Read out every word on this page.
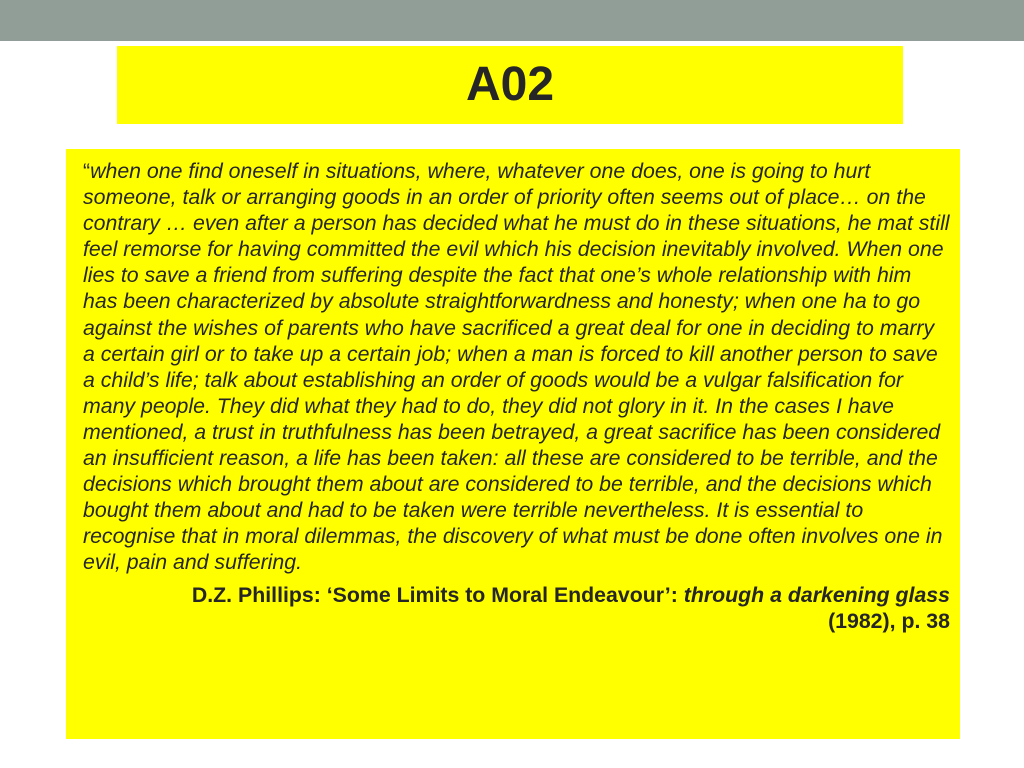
A02

“when one find oneself in situations, where, whatever one does, one is going to hurt someone, talk or arranging goods in an order of priority often seems out of place… on the contrary … even after a person has decided what he must do in these situations, he mat still feel remorse for having committed the evil which his decision inevitably involved. When one lies to save a friend from suffering despite the fact that one’s whole relationship with him has been characterized by absolute straightforwardness and honesty; when one ha to go against the wishes of parents who have sacrificed a great deal for one in deciding to marry a certain girl or to take up a certain job; when a man is forced to kill another person to save a child’s life; talk about establishing an order of goods would be a vulgar falsification for many people. They did what they had to do, they did not glory in it. In the cases I have mentioned, a trust in truthfulness has been betrayed, a great sacrifice has been considered an insufficient reason, a life has been taken: all these are considered to be terrible, and the decisions which brought them about are considered to be terrible, and the decisions which bought them about and had to be taken were terrible nevertheless. It is essential to recognise that in moral dilemmas, the discovery of what must be done often involves one in evil, pain and suffering.

D.Z. Phillips: ‘Some Limits to Moral Endeavour’: through a darkening glass
(1982), p. 38
